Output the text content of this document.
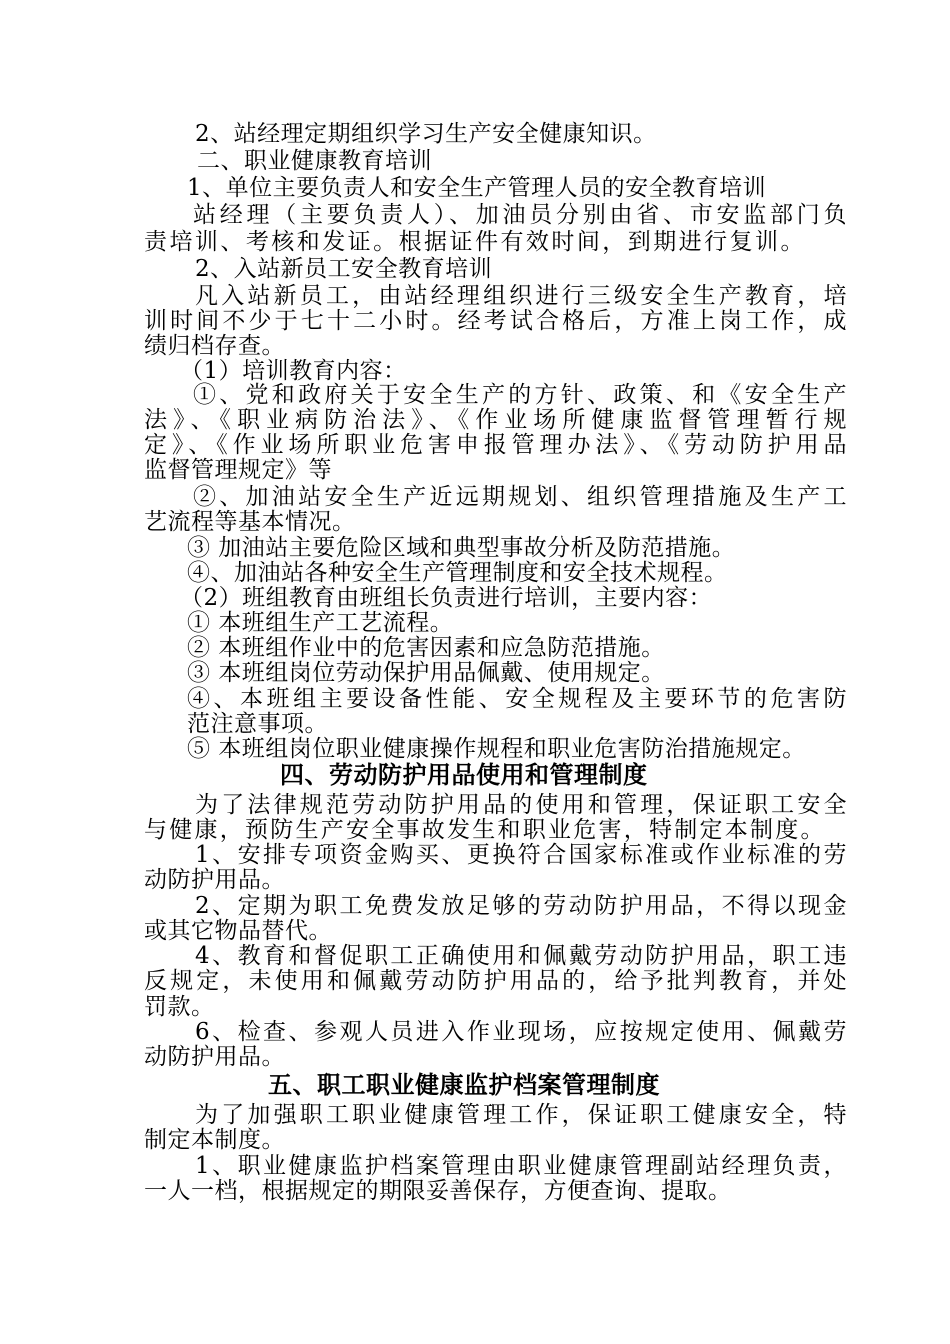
2、站经理定期组织学习生产安全健康知识。
二、职业健康教育培训
1、单位主要负责人和安全生产管理人员的安全教育培训
站经理（主要负责人）、加油员分别由省、市安监部门负
责培训、考核和发证。根据证件有效时间，到期进行复训。
2、入站新员工安全教育培训
凡入站新员工，由站经理组织进行三级安全生产教育，培
训时间不少于七十二小时。经考试合格后，方准上岗工作，成
绩归档存查。
（1）培训教育内容：
①、党和政府关于安全生产的方针、政策、和《安全生产
法》、《职业病防治法》、《作业场所健康监督管理暂行规
定》、《作业场所职业危害申报管理办法》、《劳动防护用品
监督管理规定》等
②、加油站安全生产近远期规划、组织管理措施及生产工
艺流程等基本情况。
③ 加油站主要危险区域和典型事故分析及防范措施。
④、加油站各种安全生产管理制度和安全技术规程。
（2）班组教育由班组长负责进行培训，主要内容：
① 本班组生产工艺流程。
② 本班组作业中的危害因素和应急防范措施。
③ 本班组岗位劳动保护用品佩戴、使用规定。
④、本班组主要设备性能、安全规程及主要环节的危害防
范注意事项。
⑤ 本班组岗位职业健康操作规程和职业危害防治措施规定。
四、劳动防护用品使用和管理制度
为了法律规范劳动防护用品的使用和管理，保证职工安全
与健康，预防生产安全事故发生和职业危害，特制定本制度。
1、安排专项资金购买、更换符合国家标准或作业标准的劳
动防护用品。
2、定期为职工免费发放足够的劳动防护用品，不得以现金
或其它物品替代。
4、教育和督促职工正确使用和佩戴劳动防护用品，职工违
反规定，未使用和佩戴劳动防护用品的，给予批判教育，并处
罚款。
6、检查、参观人员进入作业现场，应按规定使用、佩戴劳
动防护用品。
五、职工职业健康监护档案管理制度
为了加强职工职业健康管理工作，保证职工健康安全，特
制定本制度。
1、职业健康监护档案管理由职业健康管理副站经理负责，
一人一档，根据规定的期限妥善保存，方便查询、提取。
